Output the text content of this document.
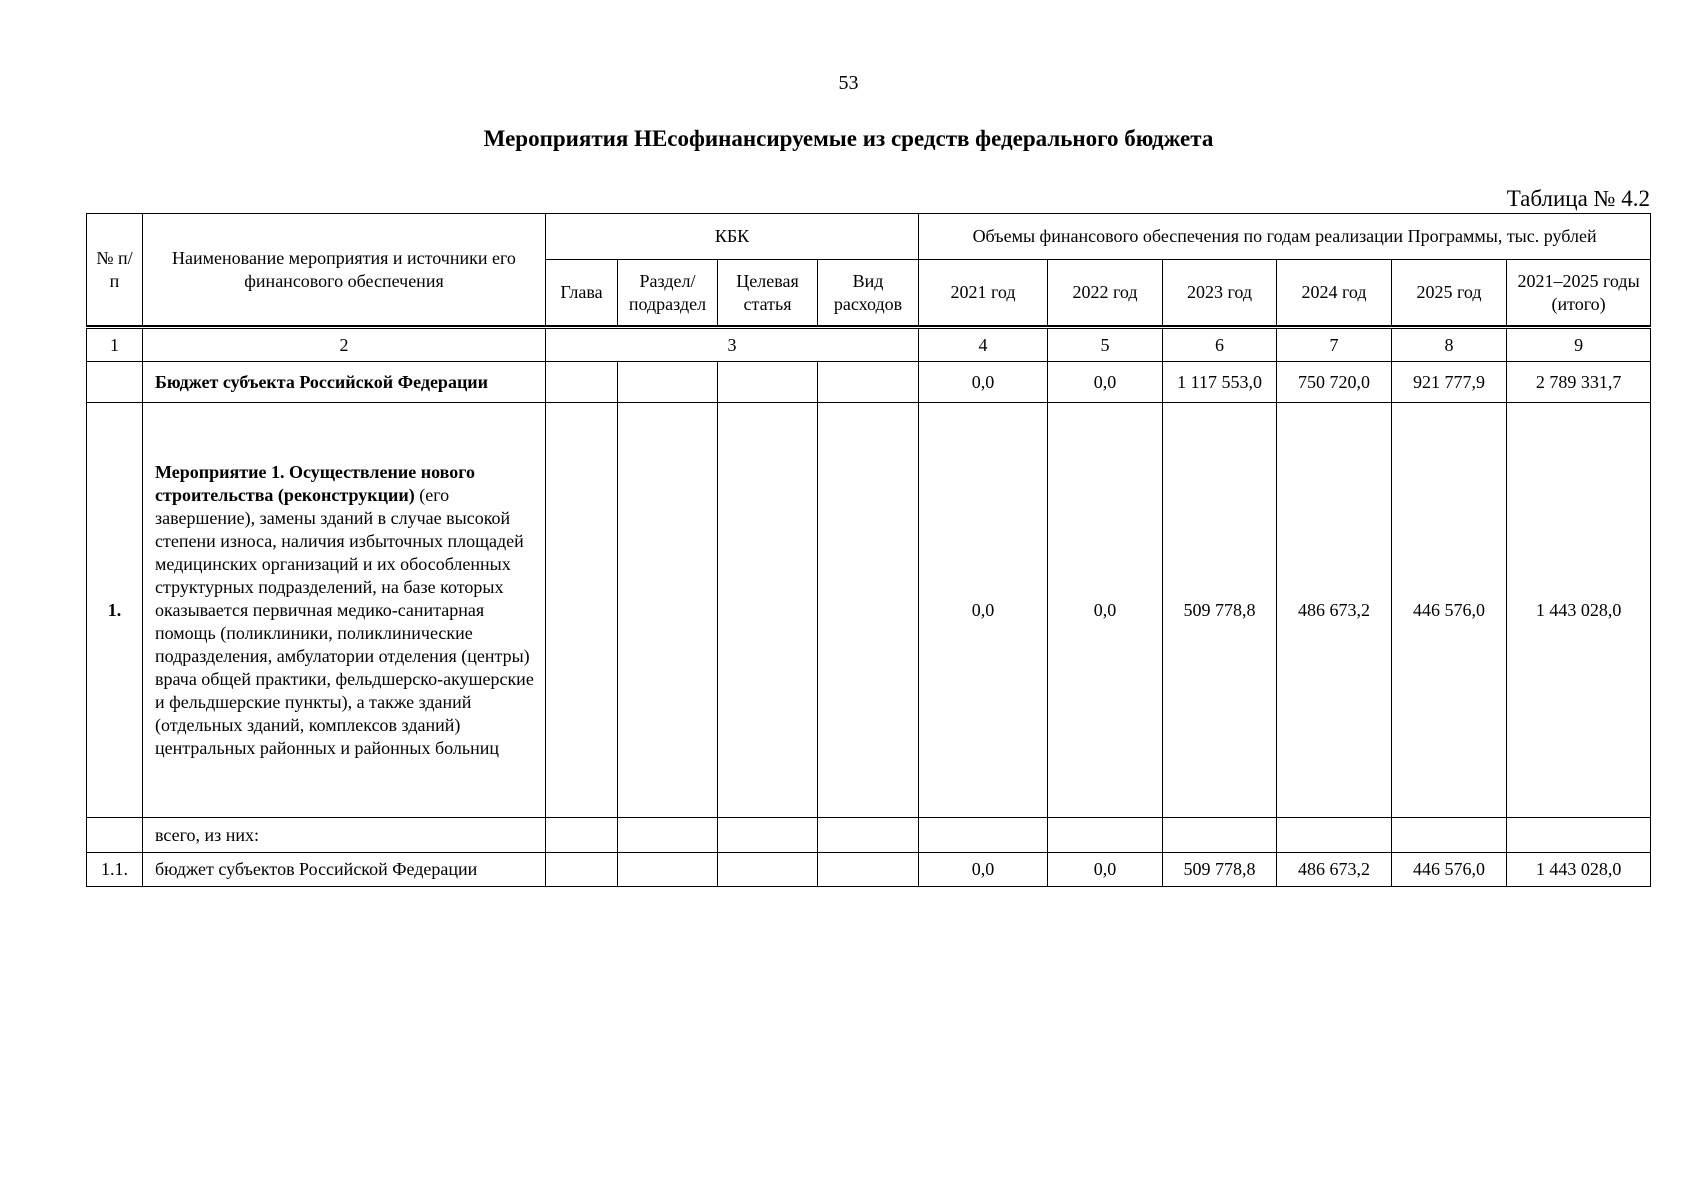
53
Мероприятия НЕсофинансируемые из средств федерального бюджета
Таблица № 4.2
№ п/п	Наименование мероприятия и источники его финансового обеспечения	КБК				Объемы финансового обеспечения по годам реализации Программы, тыс. рублей					
		Глава	Раздел/ подраздел	Целевая статья	Вид расходов	2021 год	2022 год	2023 год	2024 год	2025 год	2021–2025 годы (итого)

1	2	3				4	5	6	7	8	9
	Бюджет субъекта Российской Федерации					0,0	0,0	1 117 553,0	750 720,0	921 777,9	2 789 331,7
1.	Мероприятие 1. Осуществление нового строительства (реконструкции) (его завершение), замены зданий в случае высокой степени износа, наличия избыточных площадей медицинских организаций и их обособленных структурных подразделений, на базе которых оказывается первичная медико-санитарная помощь (поликлиники, поликлинические подразделения, амбулатории отделения (центры) врача общей практики, фельдшерско-акушерские и фельдшерские пункты), а также зданий (отдельных зданий, комплексов зданий) центральных районных и районных больниц					0,0	0,0	509 778,8	486 673,2	446 576,0	1 443 028,0
	всего, из них:										
1.1.	бюджет субъектов Российской Федерации					0,0	0,0	509 778,8	486 673,2	446 576,0	1 443 028,0
